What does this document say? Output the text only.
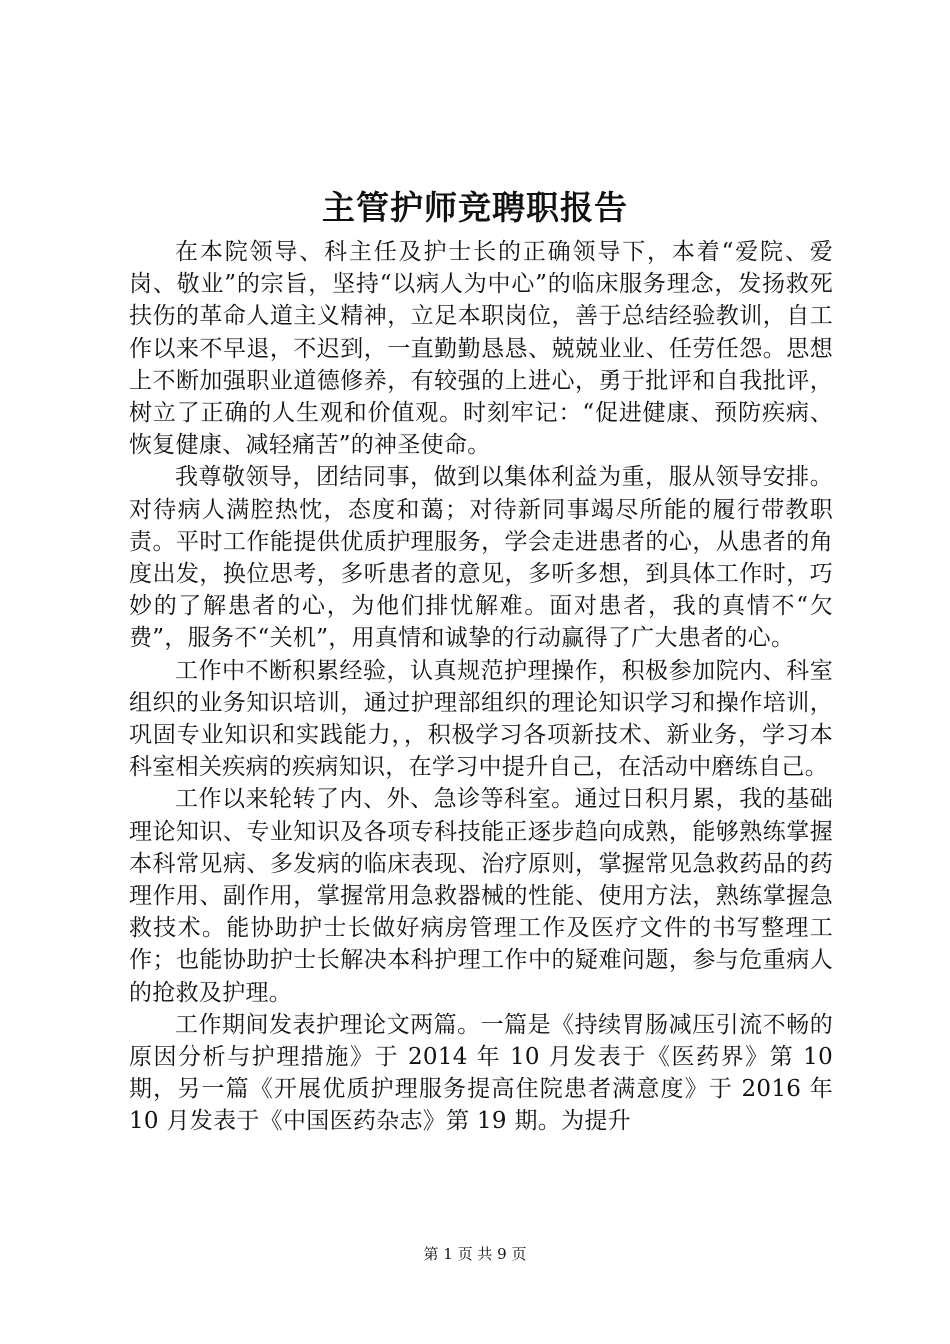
主管护师竞聘职报告

在本院领导、科主任及护士长的正确领导下，本着“爱院、爱岗、敬业”的宗旨，坚持“以病人为中心”的临床服务理念，发扬救死扶伤的革命人道主义精神，立足本职岗位，善于总结经验教训，自工作以来不早退，不迟到，一直勤勤恳恳、兢兢业业、任劳任怨。思想上不断加强职业道德修养，有较强的上进心，勇于批评和自我批评，树立了正确的人生观和价值观。时刻牢记：“促进健康、预防疾病、恢复健康、减轻痛苦”的神圣使命。

我尊敬领导，团结同事，做到以集体利益为重，服从领导安排。对待病人满腔热忱，态度和蔼；对待新同事竭尽所能的履行带教职责。平时工作能提供优质护理服务，学会走进患者的心，从患者的角度出发，换位思考，多听患者的意见，多听多想，到具体工作时，巧妙的了解患者的心，为他们排忧解难。面对患者，我的真情不“欠费”，服务不“关机”，用真情和诚挚的行动赢得了广大患者的心。

工作中不断积累经验，认真规范护理操作，积极参加院内、科室组织的业务知识培训，通过护理部组织的理论知识学习和操作培训，巩固专业知识和实践能力，，积极学习各项新技术、新业务，学习本科室相关疾病的疾病知识，在学习中提升自己，在活动中磨练自己。

工作以来轮转了内、外、急诊等科室。通过日积月累，我的基础理论知识、专业知识及各项专科技能正逐步趋向成熟，能够熟练掌握本科常见病、多发病的临床表现、治疗原则，掌握常见急救药品的药理作用、副作用，掌握常用急救器械的性能、使用方法，熟练掌握急救技术。能协助护士长做好病房管理工作及医疗文件的书写整理工作；也能协助护士长解决本科护理工作中的疑难问题，参与危重病人的抢救及护理。

工作期间发表护理论文两篇。一篇是《持续胃肠减压引流不畅的原因分析与护理措施》于 2014 年 10 月发表于《医药界》第 10 期，另一篇《开展优质护理服务提高住院患者满意度》于 2016 年 10 月发表于《中国医药杂志》第 19 期。为提升

第 1 页 共 9 页
